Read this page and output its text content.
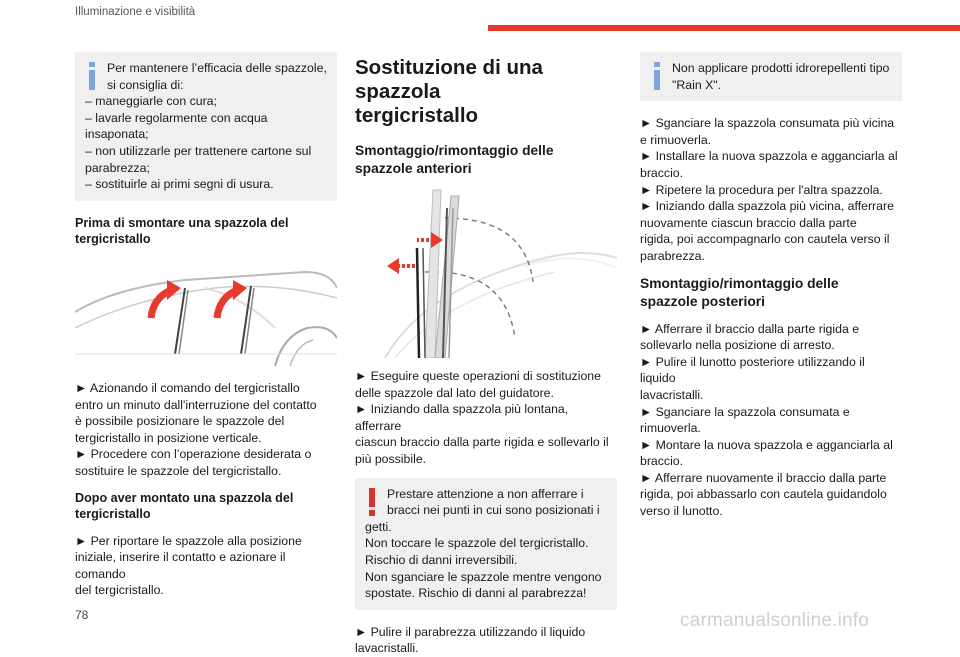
Illuminazione e visibilità

Per mantenere l’efficacia delle spazzole,

si consiglia di:

– maneggiarle con cura;

– lavarle regolarmente con acqua

insaponata;

– non utilizzarle per trattenere cartone sul

parabrezza;

– sostituirle ai primi segni di usura.

Prima di smontare una spazzola del
tergicristallo

► Azionando il comando del tergicristallo

entro un minuto dall'interruzione del contatto

è possibile posizionare le spazzole del

tergicristallo in posizione verticale.

► Procedere con l’operazione desiderata o

sostituire le spazzole del tergicristallo.

Dopo aver montato una spazzola del
tergicristallo

► Per riportare le spazzole alla posizione

iniziale, inserire il contatto e azionare il comando

del tergicristallo.

Sostituzione di una spazzola
tergicristallo
Smontaggio/rimontaggio delle
spazzole anteriori

► Eseguire queste operazioni di sostituzione

delle spazzole dal lato del guidatore.

► Iniziando dalla spazzola più lontana, afferrare

ciascun braccio dalla parte rigida e sollevarlo il

più possibile.

Prestare attenzione a non afferrare i

bracci nei punti in cui sono posizionati i

getti.

Non toccare le spazzole del tergicristallo.

Rischio di danni irreversibili.

Non sganciare le spazzole mentre vengono

spostate. Rischio di danni al parabrezza!

► Pulire il parabrezza utilizzando il liquido

lavacristalli.

Non applicare prodotti idrorepellenti tipo

"Rain X".

► Sganciare la spazzola consumata più vicina

e rimuoverla.

► Installare la nuova spazzola e agganciarla al

braccio.

► Ripetere la procedura per l'altra spazzola.

► Iniziando dalla spazzola più vicina, afferrare

nuovamente ciascun braccio dalla parte

rigida, poi accompagnarlo con cautela verso il

parabrezza.

Smontaggio/rimontaggio delle
spazzole posteriori

► Afferrare il braccio dalla parte rigida e

sollevarlo nella posizione di arresto.

► Pulire il lunotto posteriore utilizzando il liquido

lavacristalli.

► Sganciare la spazzola consumata e

rimuoverla.

► Montare la nuova spazzola e agganciarla al

braccio.

► Afferrare nuovamente il braccio dalla parte

rigida, poi abbassarlo con cautela guidandolo

verso il lunotto.

78	carmanualsonline.info
